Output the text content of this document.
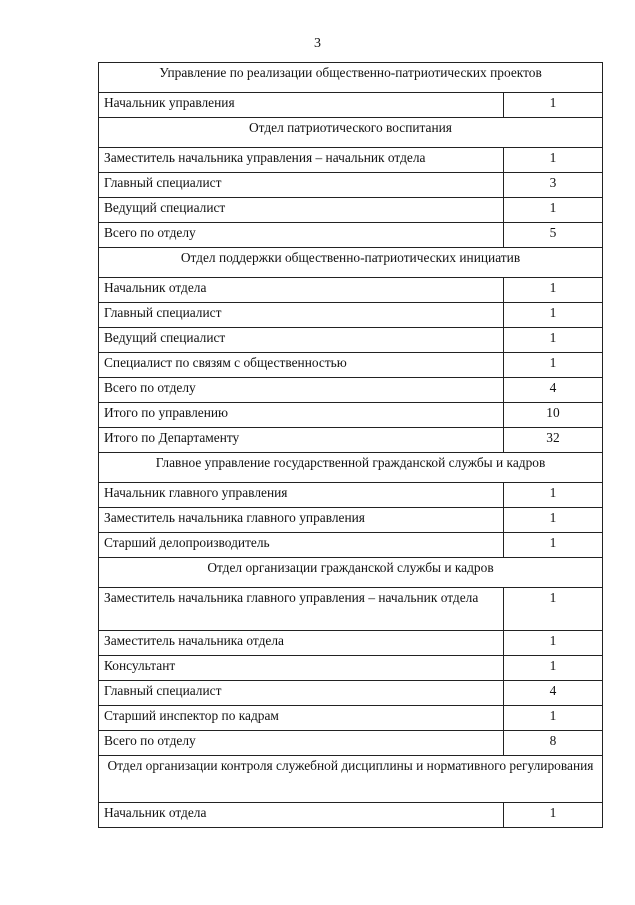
3
Управление по реализации общественно-патриотических проектов	
Начальник управления	1
Отдел патриотического воспитания	
Заместитель начальника управления – начальник отдела	1
Главный специалист	3
Ведущий специалист	1
Всего по отделу	5
Отдел поддержки общественно-патриотических инициатив	
Начальник отдела	1
Главный специалист	1
Ведущий специалист	1
Специалист по связям с общественностью	1
Всего по отделу	4
Итого по управлению	10
Итого по Департаменту	32
Главное управление государственной гражданской службы и кадров	
Начальник главного управления	1
Заместитель начальника главного управления	1
Старший делопроизводитель	1
Отдел организации гражданской службы и кадров	
Заместитель начальника главного управления – начальник отдела	1
Заместитель начальника отдела	1
Консультант	1
Главный специалист	4
Старший инспектор по кадрам	1
Всего по отделу	8
Отдел организации контроля служебной дисциплины и нормативного регулирования	
Начальник отдела	1
